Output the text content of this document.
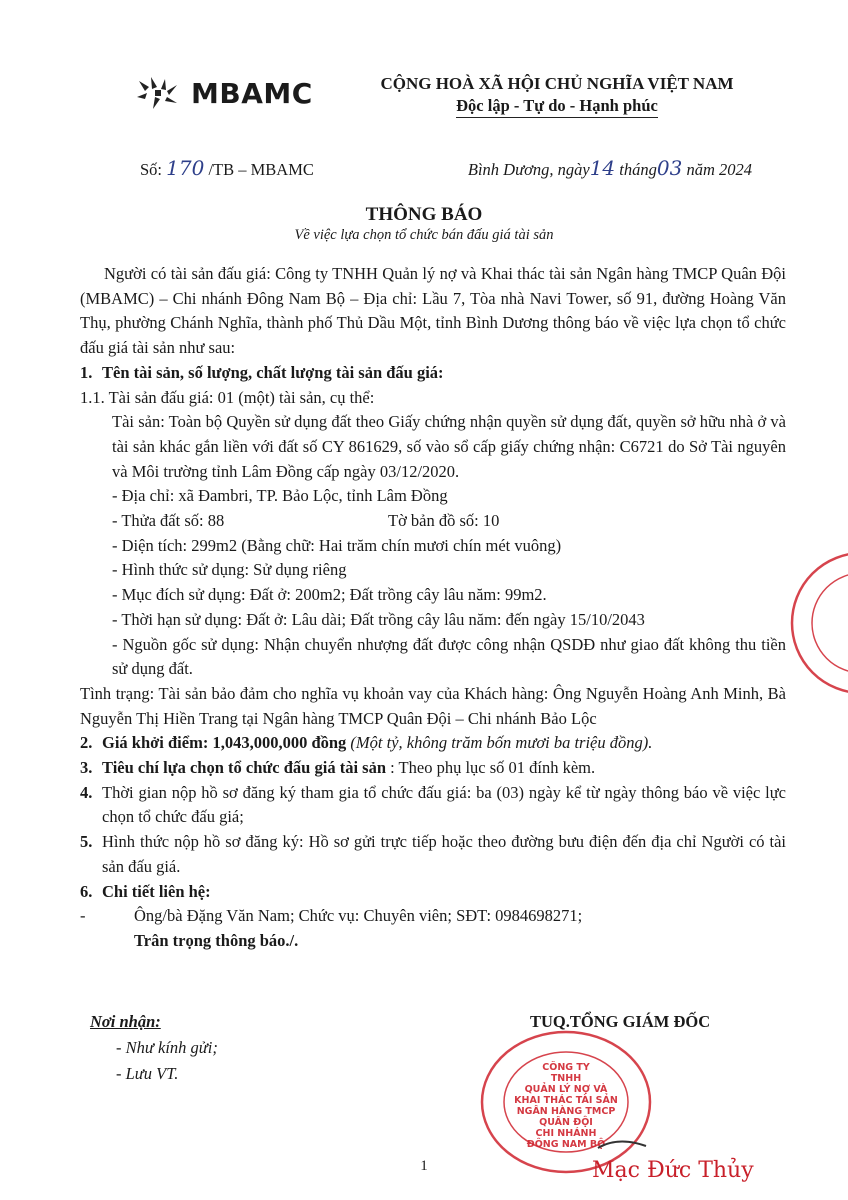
MBAMC	CỘNG HOÀ XÃ HỘI CHỦ NGHĨA VIỆT NAM
Độc lập - Tự do - Hạnh phúc
Số: 170 /TB – MBAMC	Bình Dương, ngày14 tháng03 năm 2024
THÔNG BÁO
Về việc lựa chọn tổ chức bán đấu giá tài sản
Người có tài sản đấu giá: Công ty TNHH Quản lý nợ và Khai thác tài sản Ngân hàng TMCP Quân Đội (MBAMC) – Chi nhánh Đông Nam Bộ – Địa chỉ: Lầu 7, Tòa nhà Navi Tower, số 91, đường Hoàng Văn Thụ, phường Chánh Nghĩa, thành phố Thủ Dầu Một, tỉnh Bình Dương thông báo về việc lựa chọn tổ chức đấu giá tài sản như sau:
1. Tên tài sản, số lượng, chất lượng tài sản đấu giá:
1.1. Tài sản đấu giá: 01 (một) tài sản, cụ thể:
Tài sản: Toàn bộ Quyền sử dụng đất theo Giấy chứng nhận quyền sử dụng đất, quyền sở hữu nhà ở và tài sản khác gắn liền với đất số CY 861629, số vào sổ cấp giấy chứng nhận: C6721 do Sở Tài nguyên và Môi trường tỉnh Lâm Đồng cấp ngày 03/12/2020.
- Địa chỉ: xã Đambri, TP. Bảo Lộc, tỉnh Lâm Đồng
- Thửa đất số: 88	Tờ bản đồ số: 10
- Diện tích: 299m2 (Bằng chữ: Hai trăm chín mươi chín mét vuông)
- Hình thức sử dụng: Sử dụng riêng
- Mục đích sử dụng: Đất ở: 200m2; Đất trồng cây lâu năm: 99m2.
- Thời hạn sử dụng: Đất ở: Lâu dài; Đất trồng cây lâu năm: đến ngày 15/10/2043
- Nguồn gốc sử dụng: Nhận chuyển nhượng đất được công nhận QSDĐ như giao đất không thu tiền sử dụng đất.
Tình trạng: Tài sản bảo đảm cho nghĩa vụ khoản vay của Khách hàng: Ông Nguyễn Hoàng Anh Minh, Bà Nguyễn Thị Hiền Trang tại Ngân hàng TMCP Quân Đội – Chi nhánh Bảo Lộc
2. Giá khởi điểm: 1,043,000,000 đồng (Một tỷ, không trăm bốn mươi ba triệu đồng).
3. Tiêu chí lựa chọn tổ chức đấu giá tài sản : Theo phụ lục số 01 đính kèm.
4. Thời gian nộp hồ sơ đăng ký tham gia tổ chức đấu giá: ba (03) ngày kể từ ngày thông báo về việc lực chọn tổ chức đấu giá;
5. Hình thức nộp hồ sơ đăng ký: Hồ sơ gửi trực tiếp hoặc theo đường bưu điện đến địa chỉ Người có tài sản đấu giá.
6. Chi tiết liên hệ:
-	Ông/bà Đặng Văn Nam; Chức vụ: Chuyên viên; SĐT: 0984698271;
Trân trọng thông báo./.
Nơi nhận:
- Như kính gửi;
- Lưu VT.
TUQ.TỔNG GIÁM ĐỐC
CÔNG TY
TNHH
QUẢN LÝ NỢ VÀ
KHAI THÁC TÀI SẢN
NGÂN HÀNG TMCP
QUÂN ĐỘI
CHI NHÁNH
ĐÔNG NAM BỘ
Mạc Đức Thủy
1
